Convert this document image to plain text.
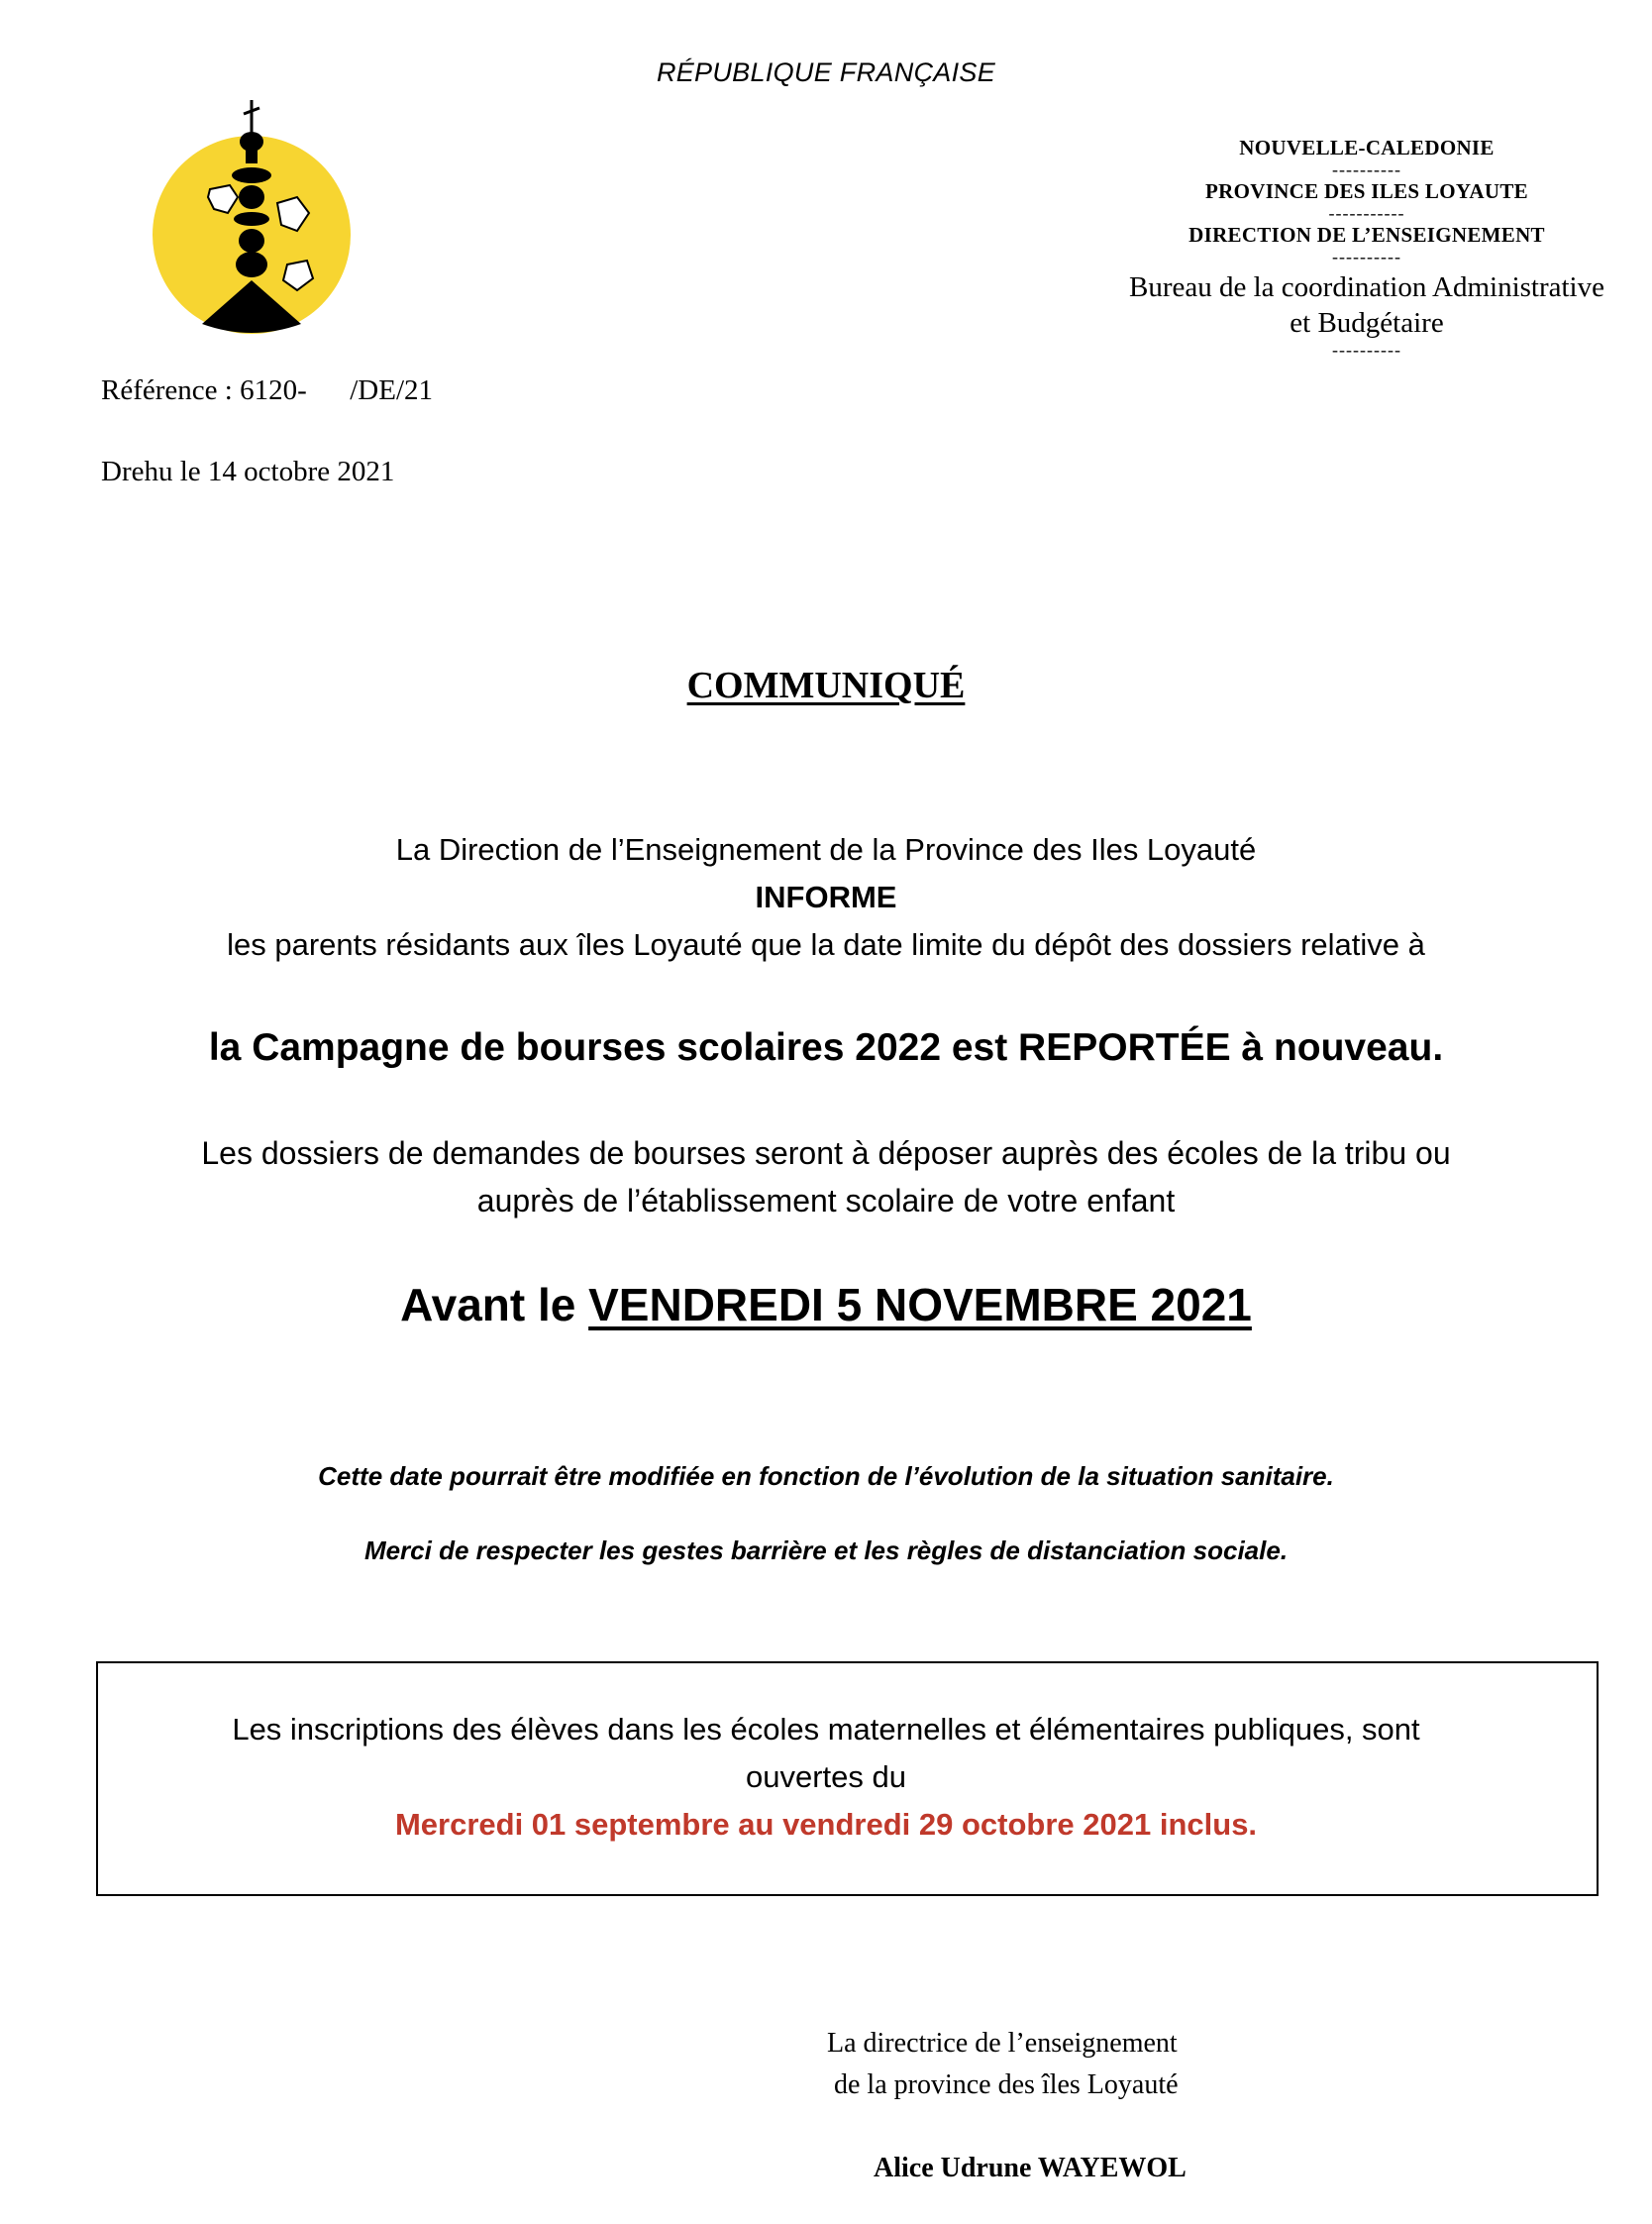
RÉPUBLIQUE FRANÇAISE
NOUVELLE-CALEDONIE
----------
PROVINCE DES ILES LOYAUTE
-----------
DIRECTION DE L’ENSEIGNEMENT
----------
Bureau de la coordination Administrative
et Budgétaire
----------
Référence : 6120-      /DE/21
Drehu le 14 octobre 2021
COMMUNIQUÉ
La Direction de l’Enseignement de la Province des Iles Loyauté
INFORME
les parents résidants aux îles Loyauté que la date limite du dépôt des dossiers relative à
la Campagne de bourses scolaires 2022 est REPORTÉE à nouveau.
Les dossiers de demandes de bourses seront à déposer auprès des écoles de la tribu ou
auprès de l’établissement scolaire de votre enfant
Avant le VENDREDI 5 NOVEMBRE 2021
Cette date pourrait être modifiée en fonction de l’évolution de la situation sanitaire.
Merci de respecter les gestes barrière et les règles de distanciation sociale.
Les inscriptions des élèves dans les écoles maternelles et élémentaires publiques, sont
ouvertes du
Mercredi 01 septembre au vendredi 29 octobre 2021 inclus.
La directrice de l’enseignement
de la province des îles Loyauté
Alice Udrune WAYEWOL
